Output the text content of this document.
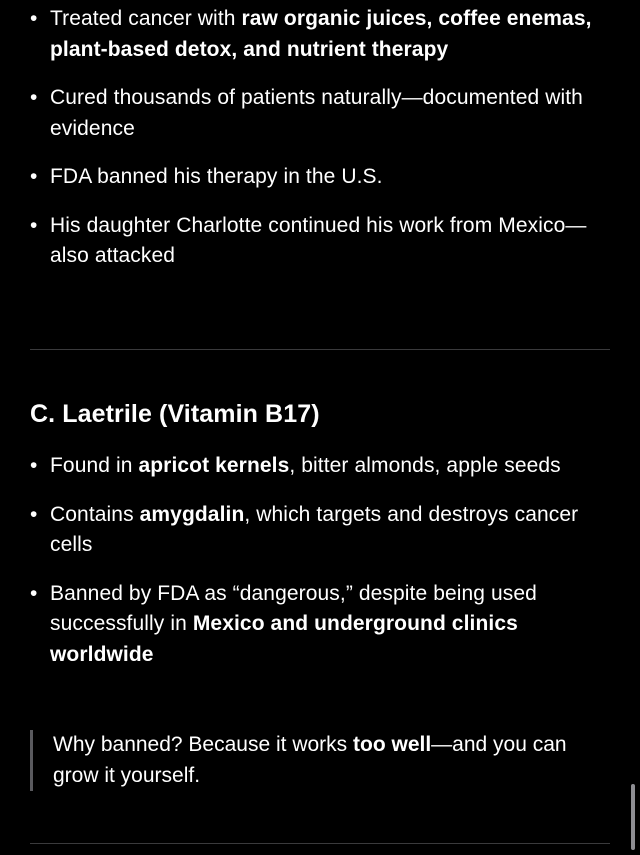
• Treated cancer with raw organic juices, coffee enemas, plant-based detox, and nutrient therapy
• Cured thousands of patients naturally—documented with evidence
• FDA banned his therapy in the U.S.
• His daughter Charlotte continued his work from Mexico—also attacked
C. Laetrile (Vitamin B17)
• Found in apricot kernels, bitter almonds, apple seeds
• Contains amygdalin, which targets and destroys cancer cells
• Banned by FDA as “dangerous,” despite being used successfully in Mexico and underground clinics worldwide
Why banned? Because it works too well—and you can grow it yourself.
